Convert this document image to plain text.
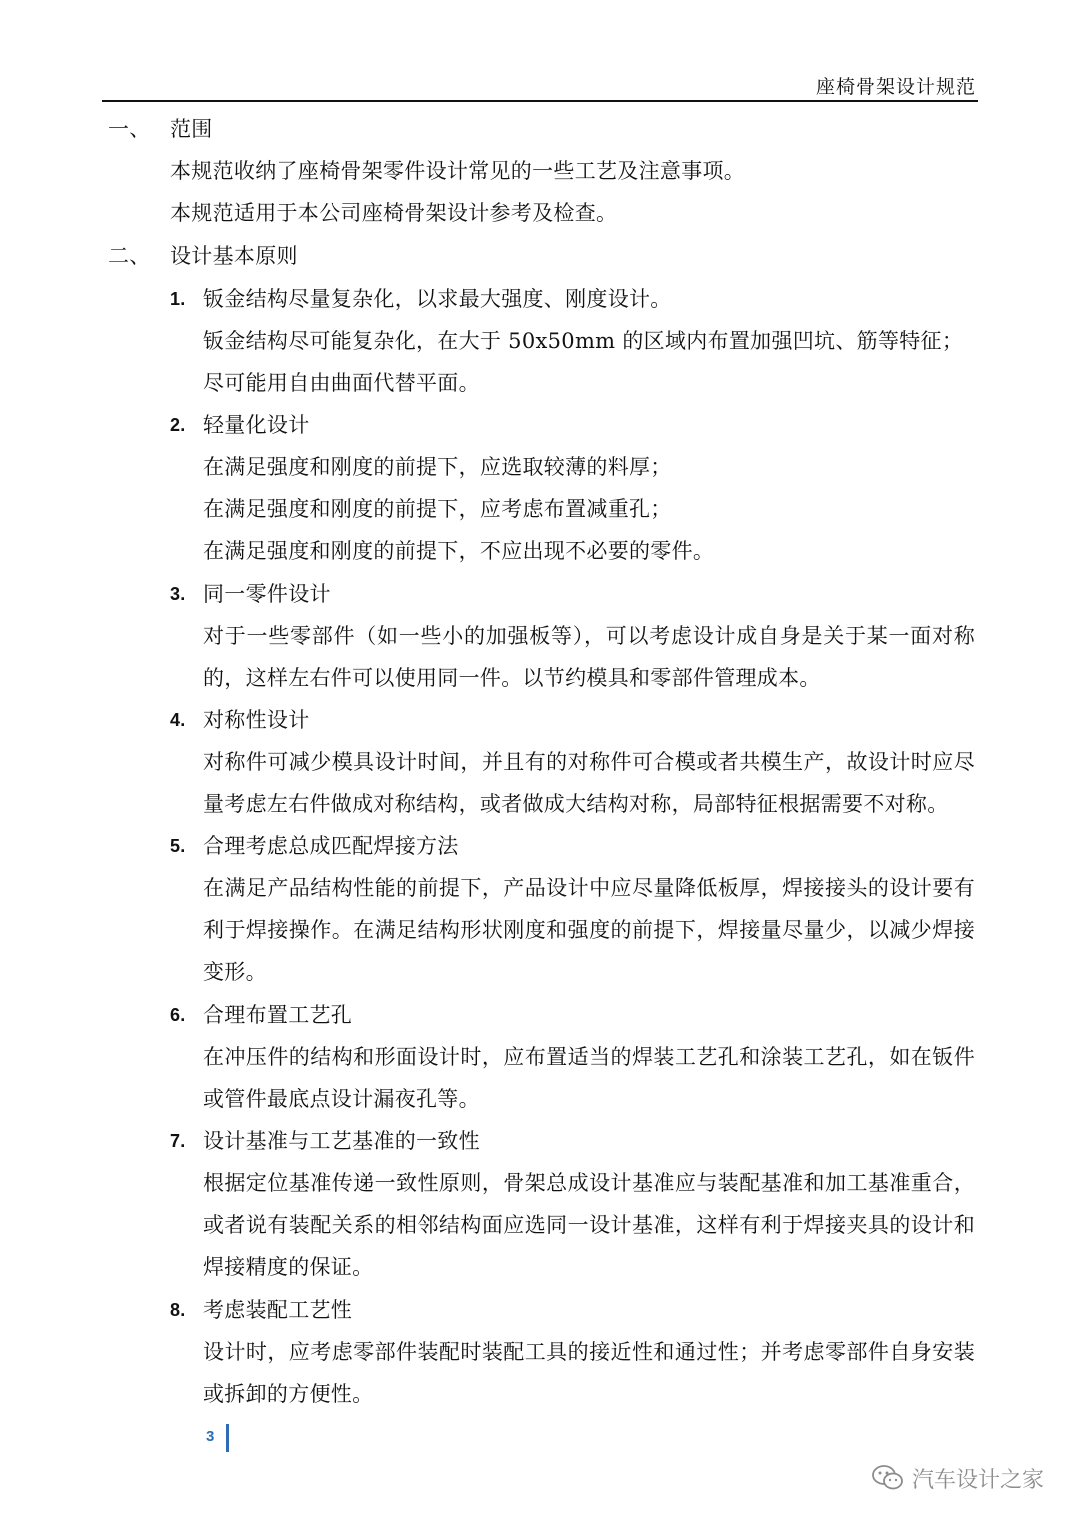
座椅骨架设计规范
一、 范围
本规范收纳了座椅骨架零件设计常见的一些工艺及注意事项。
本规范适用于本公司座椅骨架设计参考及检查。
二、 设计基本原则
1. 钣金结构尽量复杂化，以求最大强度、刚度设计。
钣金结构尽可能复杂化，在大于 50x50mm 的区域内布置加强凹坑、筋等特征；
尽可能用自由曲面代替平面。
2. 轻量化设计
在满足强度和刚度的前提下，应选取较薄的料厚；
在满足强度和刚度的前提下，应考虑布置减重孔；
在满足强度和刚度的前提下，不应出现不必要的零件。
3. 同一零件设计
对于一些零部件（如一些小的加强板等），可以考虑设计成自身是关于某一面对称
的，这样左右件可以使用同一件。以节约模具和零部件管理成本。
4. 对称性设计
对称件可减少模具设计时间，并且有的对称件可合模或者共模生产，故设计时应尽
量考虑左右件做成对称结构，或者做成大结构对称，局部特征根据需要不对称。
5. 合理考虑总成匹配焊接方法
在满足产品结构性能的前提下，产品设计中应尽量降低板厚，焊接接头的设计要有
利于焊接操作。在满足结构形状刚度和强度的前提下，焊接量尽量少，以减少焊接
变形。
6. 合理布置工艺孔
在冲压件的结构和形面设计时，应布置适当的焊装工艺孔和涂装工艺孔，如在钣件
或管件最底点设计漏夜孔等。
7. 设计基准与工艺基准的一致性
根据定位基准传递一致性原则，骨架总成设计基准应与装配基准和加工基准重合，
或者说有装配关系的相邻结构面应选同一设计基准，这样有利于焊接夹具的设计和
焊接精度的保证。
8. 考虑装配工艺性
设计时，应考虑零部件装配时装配工具的接近性和通过性；并考虑零部件自身安装
或拆卸的方便性。
3
汽车设计之家
